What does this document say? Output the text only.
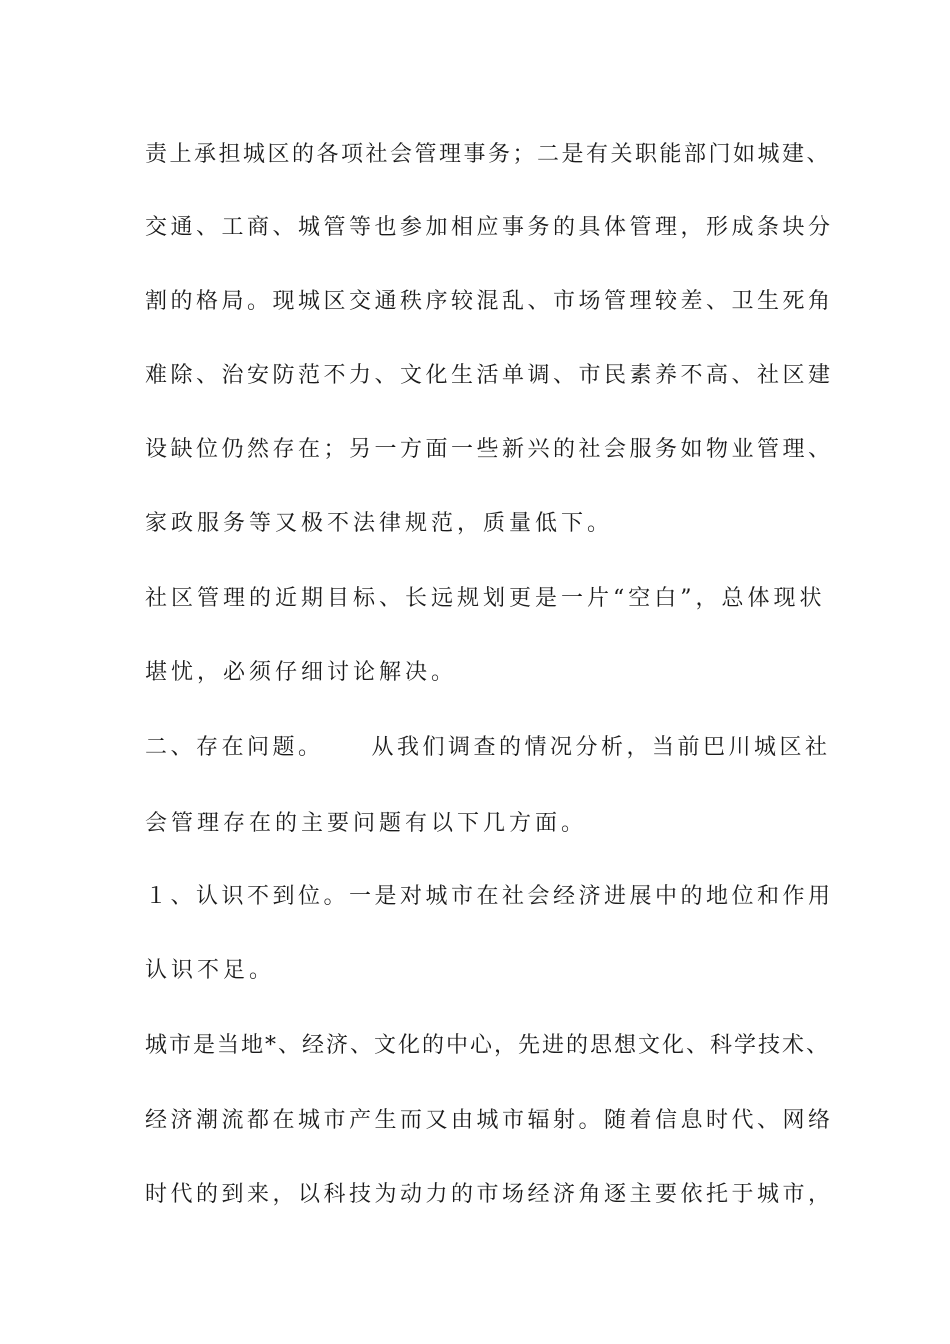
责上承担城区的各项社会管理事务；二是有关职能部门如城建、
交通、工商、城管等也参加相应事务的具体管理，形成条块分
割的格局。现城区交通秩序较混乱、市场管理较差、卫生死角
难除、治安防范不力、文化生活单调、市民素养不高、社区建
设缺位仍然存在；另一方面一些新兴的社会服务如物业管理、
家政服务等又极不法律规范，质量低下。
社区管理的近期目标、长远规划更是一片“空白”，总体现状
堪忧，必须仔细讨论解决。
二、存在问题。 从我们调查的情况分析，当前巴川城区社
会管理存在的主要问题有以下几方面。
１、认识不到位。一是对城市在社会经济进展中的地位和作用
认识不足。
城市是当地*、经济、文化的中心，先进的思想文化、科学技术、
经济潮流都在城市产生而又由城市辐射。随着信息时代、网络
时代的到来，以科技为动力的市场经济角逐主要依托于城市，
